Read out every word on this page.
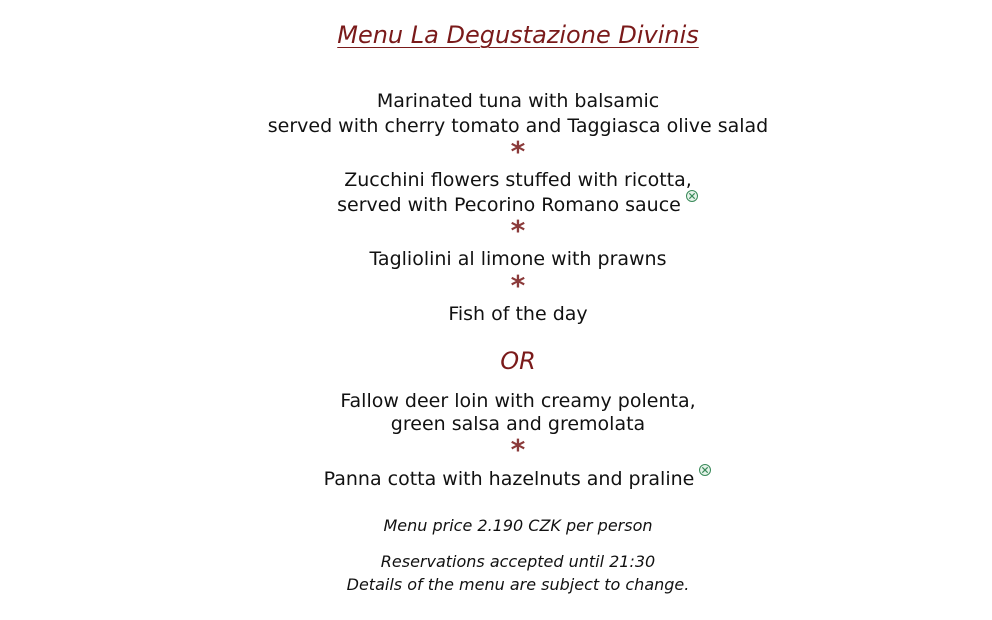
Menu La Degustazione Divinis
Marinated tuna with balsamic
served with cherry tomato and Taggiasca olive salad
*
Zucchini flowers stuffed with ricotta,
served with Pecorino Romano sauce
*
Tagliolini al limone with prawns
*
Fish of the day
OR
Fallow deer loin with creamy polenta,
green salsa and gremolata
*
Panna cotta with hazelnuts and praline
Menu price 2.190 CZK per person
Reservations accepted until 21:30
Details of the menu are subject to change.
